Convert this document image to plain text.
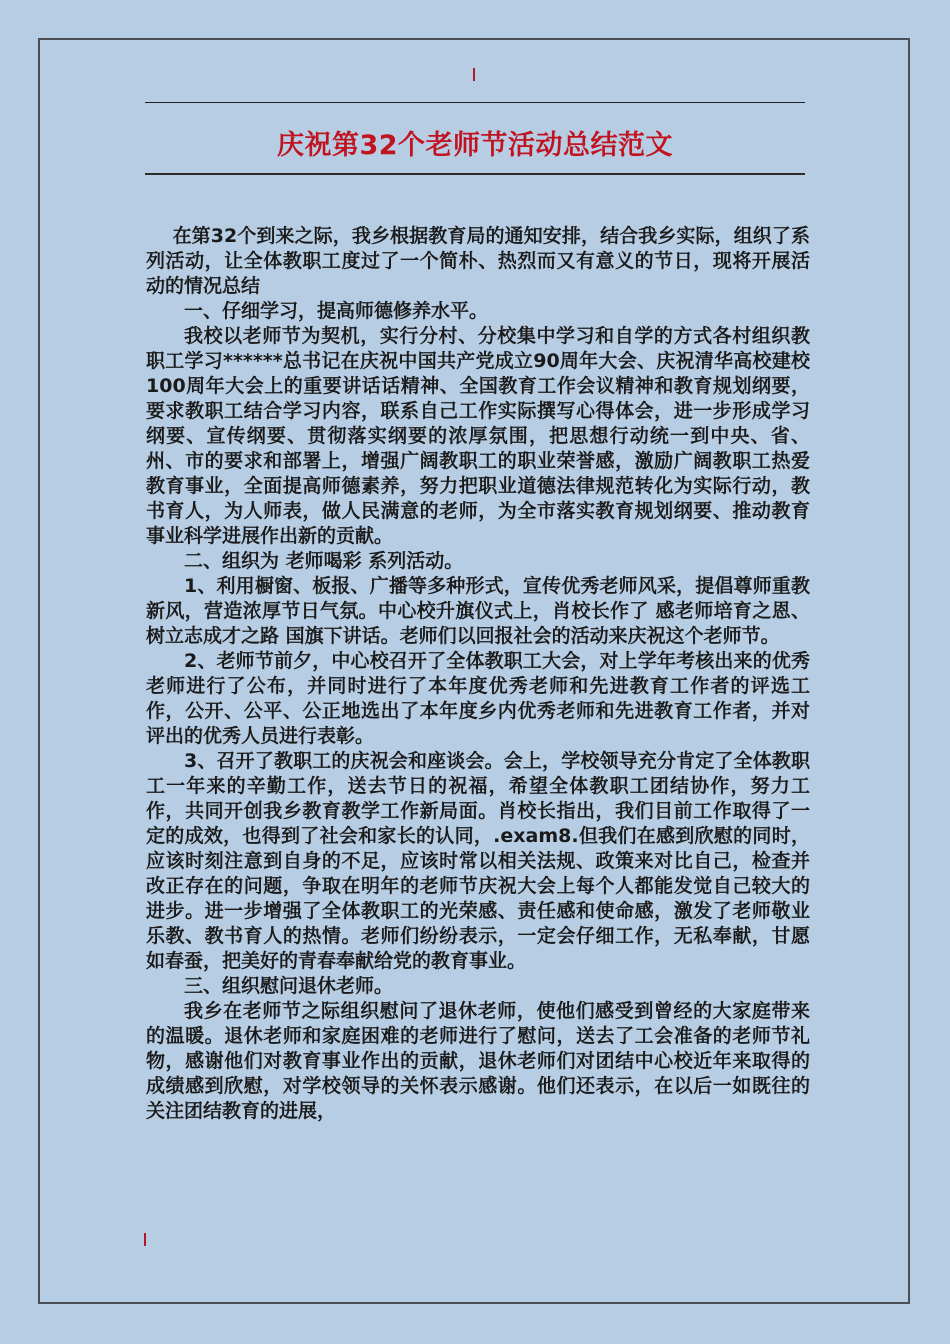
庆祝第32个老师节活动总结范文

在第32个到来之际，我乡根据教育局的通知安排，结合我乡实际，组织了系列活动，让全体教职工度过了一个简朴、热烈而又有意义的节日，现将开展活动的情况总结

一、仔细学习，提高师德修养水平。

我校以老师节为契机，实行分村、分校集中学习和自学的方式各村组织教职工学习******总书记在庆祝中国共产党成立90周年大会、庆祝清华高校建校100周年大会上的重要讲话话精神、全国教育工作会议精神和教育规划纲要，要求教职工结合学习内容，联系自己工作实际撰写心得体会，进一步形成学习纲要、宣传纲要、贯彻落实纲要的浓厚氛围，把思想行动统一到中央、省、州、市的要求和部署上，增强广阔教职工的职业荣誉感，激励广阔教职工热爱教育事业，全面提高师德素养，努力把职业道德法律规范转化为实际行动，教书育人，为人师表，做人民满意的老师，为全市落实教育规划纲要、推动教育事业科学进展作出新的贡献。

二、组织为 老师喝彩 系列活动。

1、利用橱窗、板报、广播等多种形式，宣传优秀老师风采，提倡尊师重教新风，营造浓厚节日气氛。中心校升旗仪式上，肖校长作了 感老师培育之恩、树立志成才之路 国旗下讲话。老师们以回报社会的活动来庆祝这个老师节。

2、老师节前夕，中心校召开了全体教职工大会，对上学年考核出来的优秀老师进行了公布，并同时进行了本年度优秀老师和先进教育工作者的评选工作，公开、公平、公正地选出了本年度乡内优秀老师和先进教育工作者，并对评出的优秀人员进行表彰。

3、召开了教职工的庆祝会和座谈会。会上，学校领导充分肯定了全体教职工一年来的辛勤工作，送去节日的祝福，希望全体教职工团结协作，努力工作，共同开创我乡教育教学工作新局面。肖校长指出，我们目前工作取得了一定的成效，也得到了社会和家长的认同，.exam8.但我们在感到欣慰的同时，应该时刻注意到自身的不足，应该时常以相关法规、政策来对比自己，检查并改正存在的问题，争取在明年的老师节庆祝大会上每个人都能发觉自己较大的进步。进一步增强了全体教职工的光荣感、责任感和使命感，激发了老师敬业乐教、教书育人的热情。老师们纷纷表示，一定会仔细工作，无私奉献，甘愿如春蚕，把美好的青春奉献给党的教育事业。

三、组织慰问退休老师。

我乡在老师节之际组织慰问了退休老师，使他们感受到曾经的大家庭带来的温暖。退休老师和家庭困难的老师进行了慰问，送去了工会准备的老师节礼物，感谢他们对教育事业作出的贡献，退休老师们对团结中心校近年来取得的成绩感到欣慰，对学校领导的关怀表示感谢。他们还表示，在以后一如既往的关注团结教育的进展，
